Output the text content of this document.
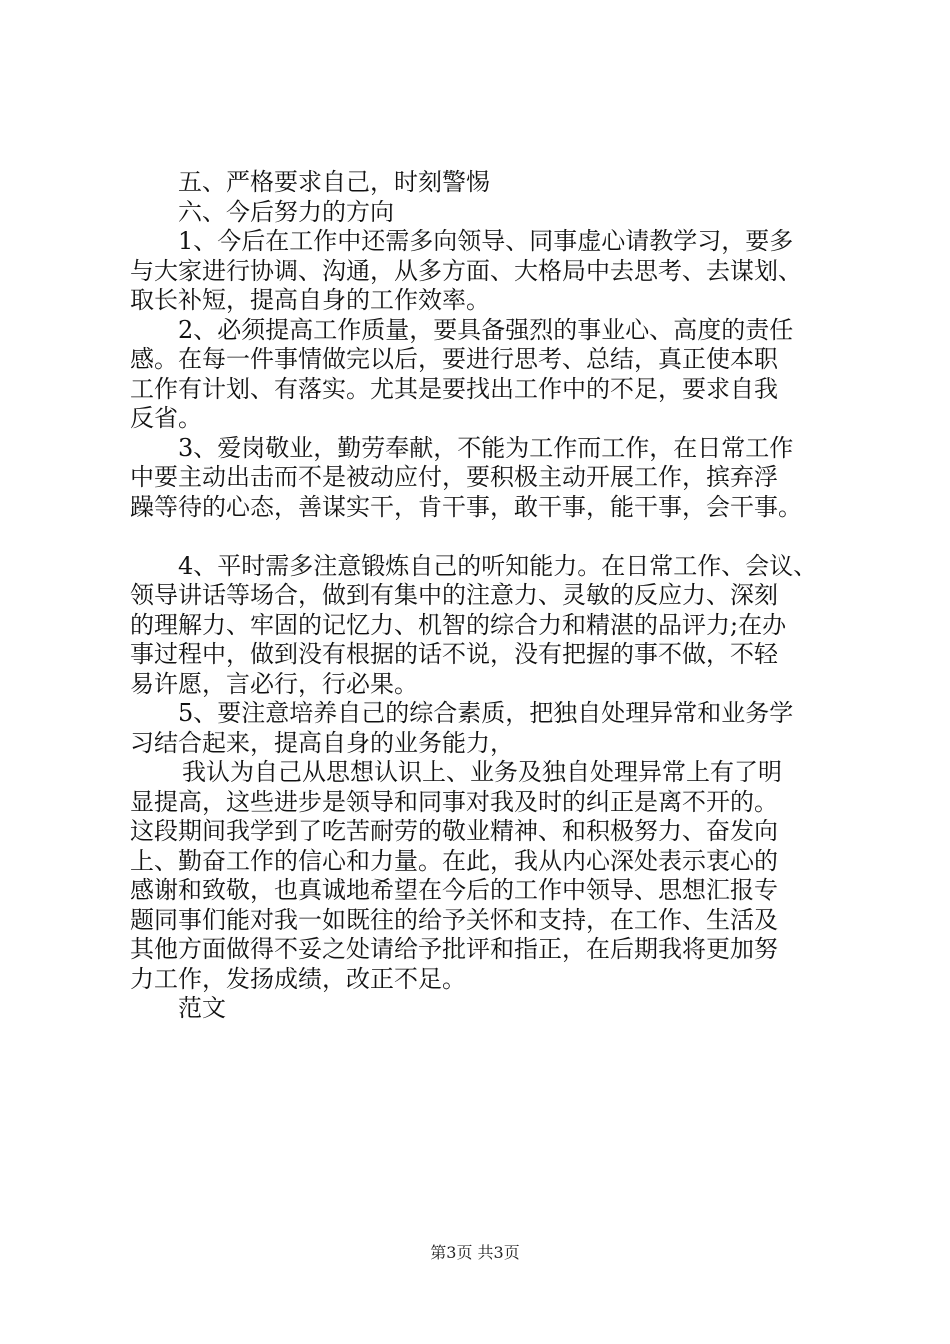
五、严格要求自己，时刻警惕
六、今后努力的方向
1、今后在工作中还需多向领导、同事虚心请教学习，要多
与大家进行协调、沟通，从多方面、大格局中去思考、去谋划、
取长补短，提高自身的工作效率。
2、必须提高工作质量，要具备强烈的事业心、高度的责任
感。在每一件事情做完以后，要进行思考、总结，真正使本职
工作有计划、有落实。尤其是要找出工作中的不足，要求自我
反省。
3、爱岗敬业，勤劳奉献，不能为工作而工作，在日常工作
中要主动出击而不是被动应付，要积极主动开展工作，摈弃浮
躁等待的心态，善谋实干，肯干事，敢干事，能干事，会干事。
4、平时需多注意锻炼自己的听知能力。在日常工作、会议、
领导讲话等场合，做到有集中的注意力、灵敏的反应力、深刻
的理解力、牢固的记忆力、机智的综合力和精湛的品评力;在办
事过程中，做到没有根据的话不说，没有把握的事不做，不轻
易许愿，言必行，行必果。
5、要注意培养自己的综合素质，把独自处理异常和业务学
习结合起来，提高自身的业务能力，
我认为自己从思想认识上、业务及独自处理异常上有了明
显提高，这些进步是领导和同事对我及时的纠正是离不开的。
这段期间我学到了吃苦耐劳的敬业精神、和积极努力、奋发向
上、勤奋工作的信心和力量。在此，我从内心深处表示衷心的
感谢和致敬，也真诚地希望在今后的工作中领导、思想汇报专
题同事们能对我一如既往的给予关怀和支持，在工作、生活及
其他方面做得不妥之处请给予批评和指正，在后期我将更加努
力工作，发扬成绩，改正不足。
范文
第3页 共3页
